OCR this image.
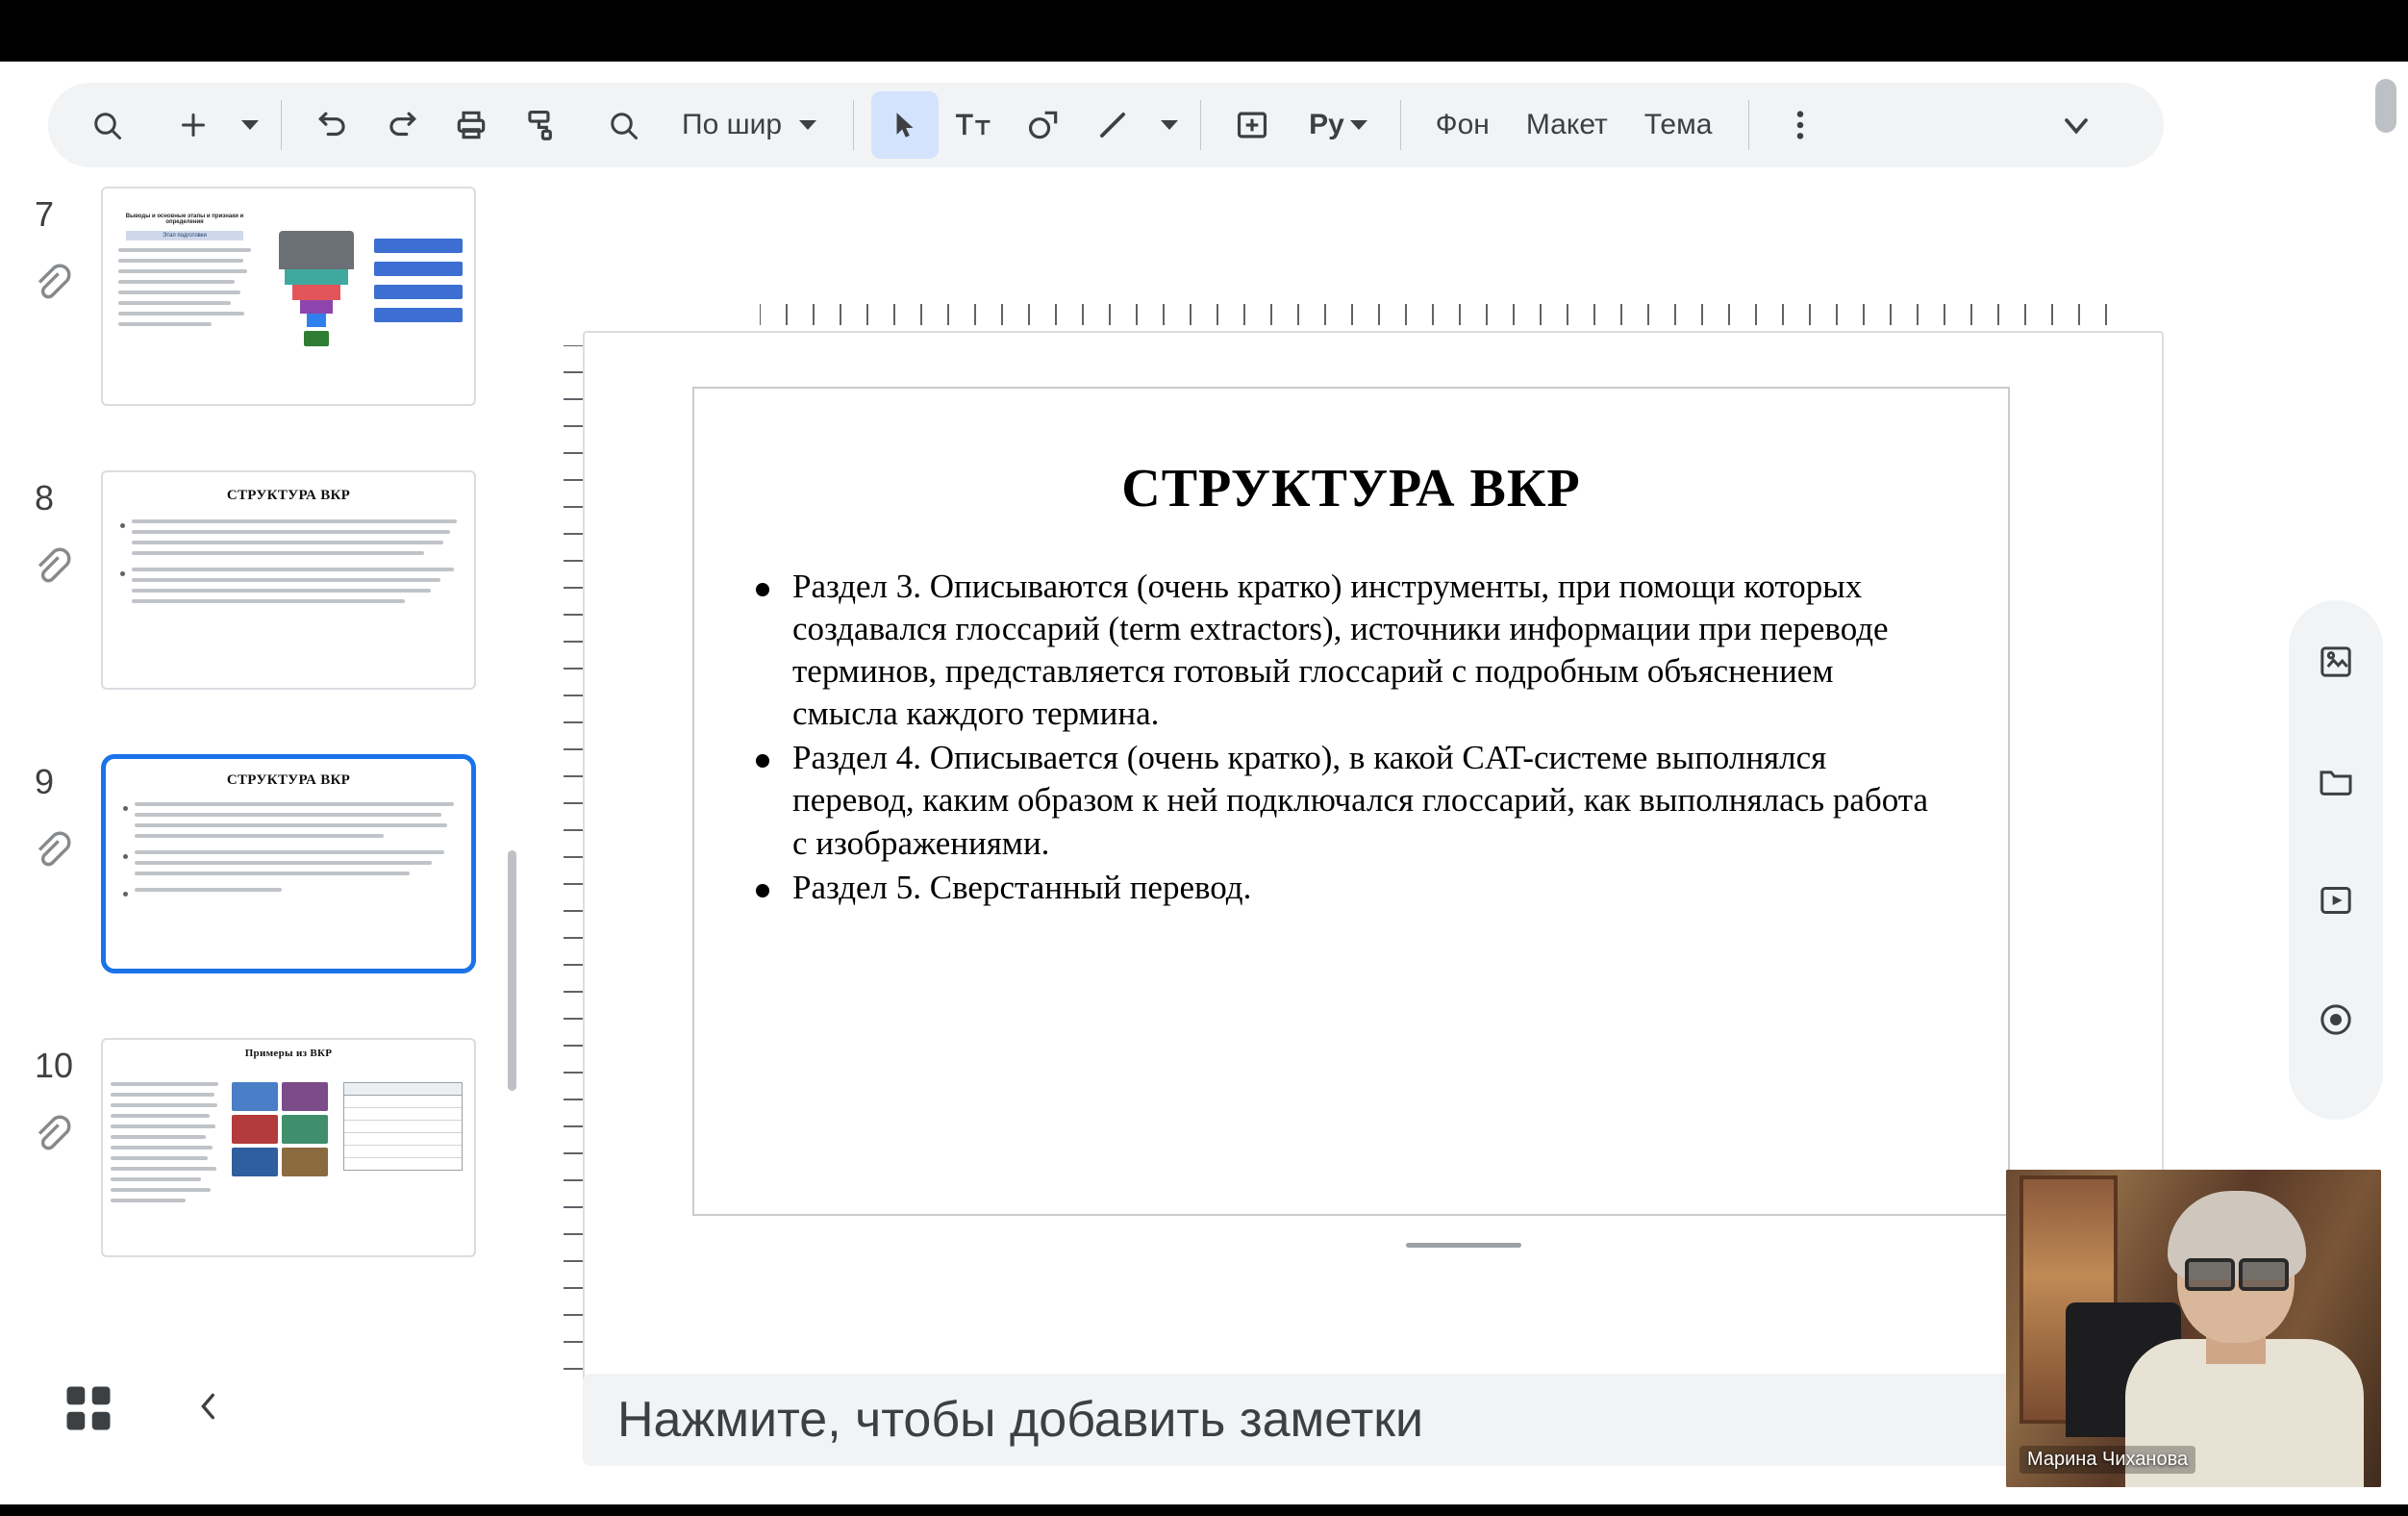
По шир	Ру	Фон	Макет	Тема
7	Выводы и основные этапы и признаки и определения
Этап подготовки
8	СТРУКТУРА ВКР
9	СТРУКТУРА ВКР
10	Примеры из ВКР
СТРУКТУРА ВКР
Раздел 3. Описываются (очень кратко) инструменты, при помощи которых создавался глоссарий (term extractors), источники информации при переводе терминов, представляется готовый глоссарий с подробным объяснением смысла каждого термина.
Раздел 4. Описывается (очень кратко), в какой CAT-системе выполнялся перевод, каким образом к ней подключался глоссарий, как выполнялась работа с изображениями.
Раздел 5. Сверстанный перевод.
Нажмите, чтобы добавить заметки
Марина Чиханова
